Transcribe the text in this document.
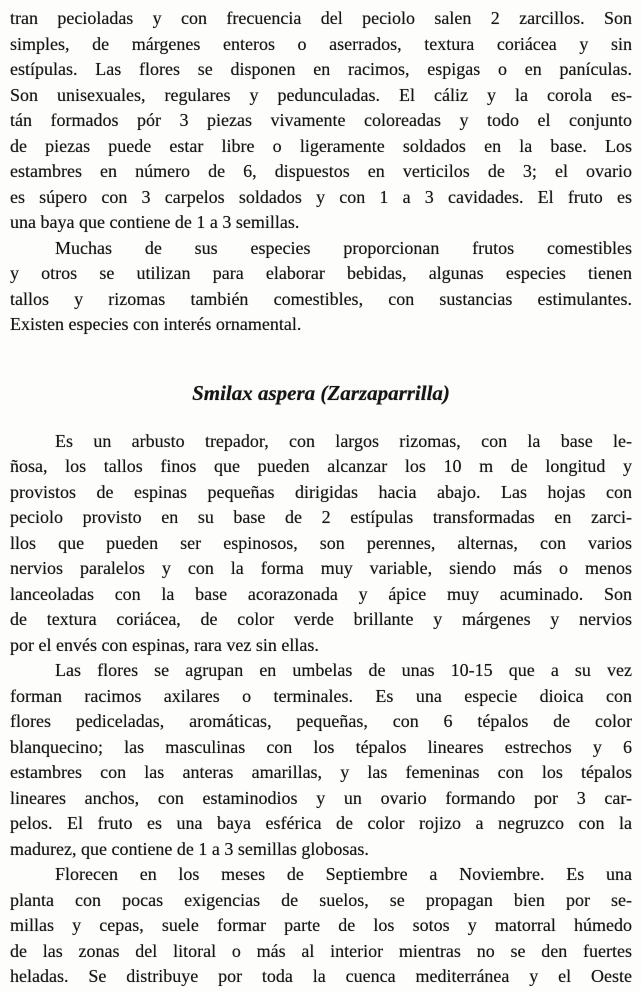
tran pecioladas y con frecuencia del peciolo salen 2 zarcillos. Son
simples, de márgenes enteros o aserrados, textura coriácea y sin
estípulas. Las flores se disponen en racimos, espigas o en panículas.
Son unisexuales, regulares y pedunculadas. El cáliz y la corola es-
tán formados pór 3 piezas vivamente coloreadas y todo el conjunto
de piezas puede estar libre o ligeramente soldados en la base. Los
estambres en número de 6, dispuestos en verticilos de 3; el ovario
es súpero con 3 carpelos soldados y con 1 a 3 cavidades. El fruto es
una baya que contiene de 1 a 3 semillas.

Muchas de sus especies proporcionan frutos comestibles
y otros se utilizan para elaborar bebidas, algunas especies tienen
tallos y rizomas también comestibles, con sustancias estimulantes.
Existen especies con interés ornamental.

Smilax aspera (Zarzaparrilla)

Es un arbusto trepador, con largos rizomas, con la base le-
ñosa, los tallos finos que pueden alcanzar los 10 m de longitud y
provistos de espinas pequeñas dirigidas hacia abajo. Las hojas con
peciolo provisto en su base de 2 estípulas transformadas en zarci-
llos que pueden ser espinosos, son perennes, alternas, con varios
nervios paralelos y con la forma muy variable, siendo más o menos
lanceoladas con la base acorazonada y ápice muy acuminado. Son
de textura coriácea, de color verde brillante y márgenes y nervios
por el envés con espinas, rara vez sin ellas.

Las flores se agrupan en umbelas de unas 10-15 que a su vez
forman racimos axilares o terminales. Es una especie dioica con
flores pediceladas, aromáticas, pequeñas, con 6 tépalos de color
blanquecino; las masculinas con los tépalos lineares estrechos y 6
estambres con las anteras amarillas, y las femeninas con los tépalos
lineares anchos, con estaminodios y un ovario formando por 3 car-
pelos. El fruto es una baya esférica de color rojizo a negruzco con la
madurez, que contiene de 1 a 3 semillas globosas.

Florecen en los meses de Septiembre a Noviembre. Es una
planta con pocas exigencias de suelos, se propagan bien por se-
millas y cepas, suele formar parte de los sotos y matorral húmedo
de las zonas del litoral o más al interior mientras no se den fuertes
heladas. Se distribuye por toda la cuenca mediterránea y el Oeste
